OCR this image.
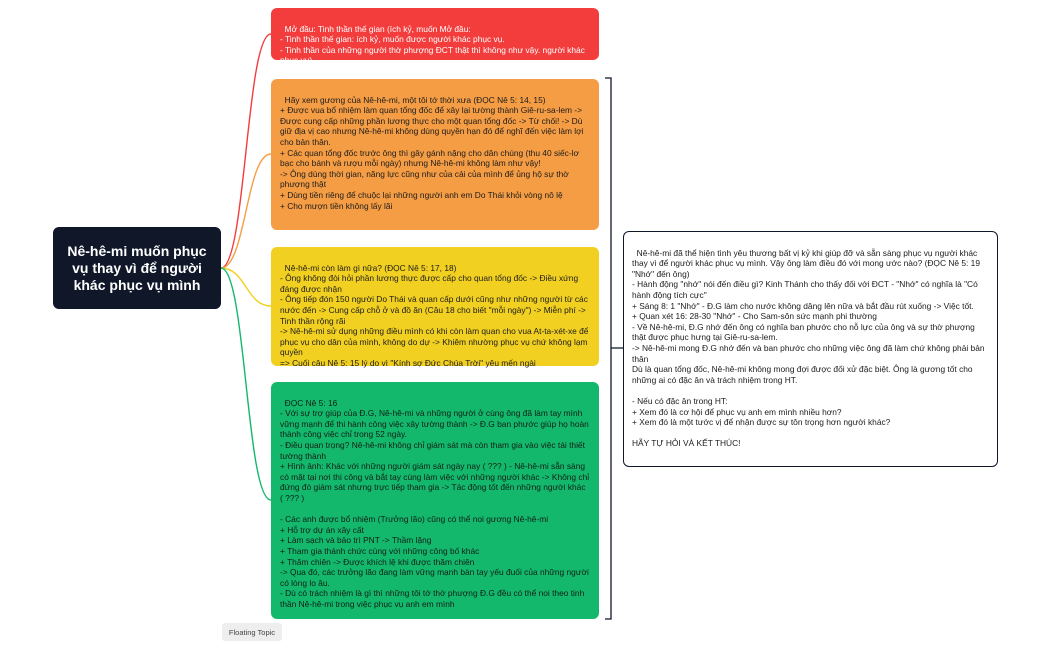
Nê-hê-mi muốn phục vụ thay vì để người khác phục vụ mình

Mở đầu: Tinh thần thế gian (ích kỷ, muốn Mở đầu:
- Tinh thần thế gian: ích kỷ, muốn được người khác phục vụ.
- Tinh thần của những người thờ phượng ĐCT thật thì không như vậy. người khác phục vụ)

Hãy xem gương của Nê-hê-mi, một tôi tớ thời xưa (ĐỌC Nê 5: 14, 15)
+ Được vua bổ nhiệm làm quan tổng đốc để xây lại tường thành Giê-ru-sa-lem -> Được cung cấp những phần lương thực cho một quan tổng đốc -> Từ chối! -> Dù giữ địa vị cao nhưng Nê-hê-mi không dùng quyền hạn đó để nghĩ đến việc làm lợi cho bản thân.
+ Các quan tổng đốc trước ông thì gây gánh nặng cho dân chúng (thu 40 siếc-lơ bạc cho bánh và rượu mỗi ngày) nhưng Nê-hê-mi không làm như vậy!
-> Ông dùng thời gian, năng lực cũng như của cải của mình để ủng hộ sự thờ phượng thật
+ Dùng tiền riêng để chuộc lại những người anh em Do Thái khỏi vòng nô lệ
+ Cho mượn tiền không lấy lãi

Nê-hê-mi còn làm gì nữa? (ĐỌC Nê 5: 17, 18)
- Ông không đòi hỏi phần lương thực được cấp cho quan tổng đốc -> Điều xứng đáng được nhận
- Ông tiếp đón 150 người Do Thái và quan cấp dưới cũng như những người từ các nước đến -> Cung cấp chỗ ở và đồ ăn (Câu 18 cho biết "mỗi ngày") -> Miễn phí -> Tinh thần rộng rãi
-> Nê-hê-mi sử dụng những điều mình có khi còn làm quan cho vua At-ta-xét-xe để phục vụ cho dân của mình, không do dự -> Khiêm nhường phục vụ chứ không lạm quyền
=> Cuối câu Nê 5: 15 lý do vì "Kính sợ Đức Chúa Trời" yêu mến ngài

ĐỌC Nê 5: 16
- Với sự trợ giúp của Đ.G, Nê-hê-mi và những người ở cùng ông đã làm tay mình vững mạnh để thi hành công việc xây tường thành -> Đ.G ban phước giúp họ hoàn thành công việc chỉ trong 52 ngày.
- Điều quan trọng? Nê-hê-mi không chỉ giám sát mà còn tham gia vào việc tái thiết tường thành
+ Hình ảnh: Khác với những người giám sát ngày nay ( ??? ) - Nê-hê-mi sẵn sàng có mặt tại nơi thi công và bắt tay cùng làm việc với những người khác -> Không chỉ đứng đó giám sát nhưng trực tiếp tham gia -> Tác động tốt đến những người khác ( ??? )

- Các anh được bổ nhiệm (Trưởng lão) cũng có thể noi gương Nê-hê-mi
+ Hỗ trợ dự án xây cất
+ Làm sạch và bảo trì PNT -> Thầm lặng
+ Tham gia thánh chức cùng với những công bố khác
+ Thăm chiên -> Được khích lệ khi được thăm chiên
-> Qua đó, các trưởng lão đang làm vững mạnh bàn tay yếu đuối của những người có lòng lo âu.
- Dù có trách nhiệm là gì thì những tôi tớ thờ phượng Đ.G đều có thể noi theo tinh thần Nê-hê-mi trong việc phục vụ anh em mình

Nê-hê-mi đã thể hiện tình yêu thương bất vị kỷ khi giúp đỡ và sẵn sàng phục vụ người khác thay vì để người khác phục vụ mình. Vậy ông làm điều đó với mong ước nào? (ĐỌC Nê 5: 19 "Nhớ" đến ông)
- Hành động "nhớ" nói đến điều gì? Kinh Thánh cho thấy đối với ĐCT - "Nhớ" có nghĩa là "Có hành động tích cực"
+ Sáng 8: 1 "Nhớ" - Đ.G làm cho nước không dâng lên nữa và bắt đầu rút xuống -> Việc tốt.
+ Quan xét 16: 28-30 "Nhớ" - Cho Sam-sôn sức mạnh phi thường
- Về Nê-hê-mi, Đ.G nhớ đến ông có nghĩa ban phước cho nỗ lực của ông và sự thờ phượng thật được phục hưng tại Giê-ru-sa-lem.
-> Nê-hê-mi mong Đ.G nhớ đến và ban phước cho những việc ông đã làm chứ không phải bản thân
Dù là quan tổng đốc, Nê-hê-mi không mong đợi được đối xử đặc biệt. Ông là gương tốt cho những ai có đặc ân và trách nhiệm trong HT.

- Nếu có đặc ân trong HT:
+ Xem đó là cơ hội để phục vụ anh em mình nhiều hơn?
+ Xem đó là một tước vị để nhận được sự tôn trọng hơn người khác?

HÃY TỰ HỎI VÀ KẾT THÚC!

Floating Topic
